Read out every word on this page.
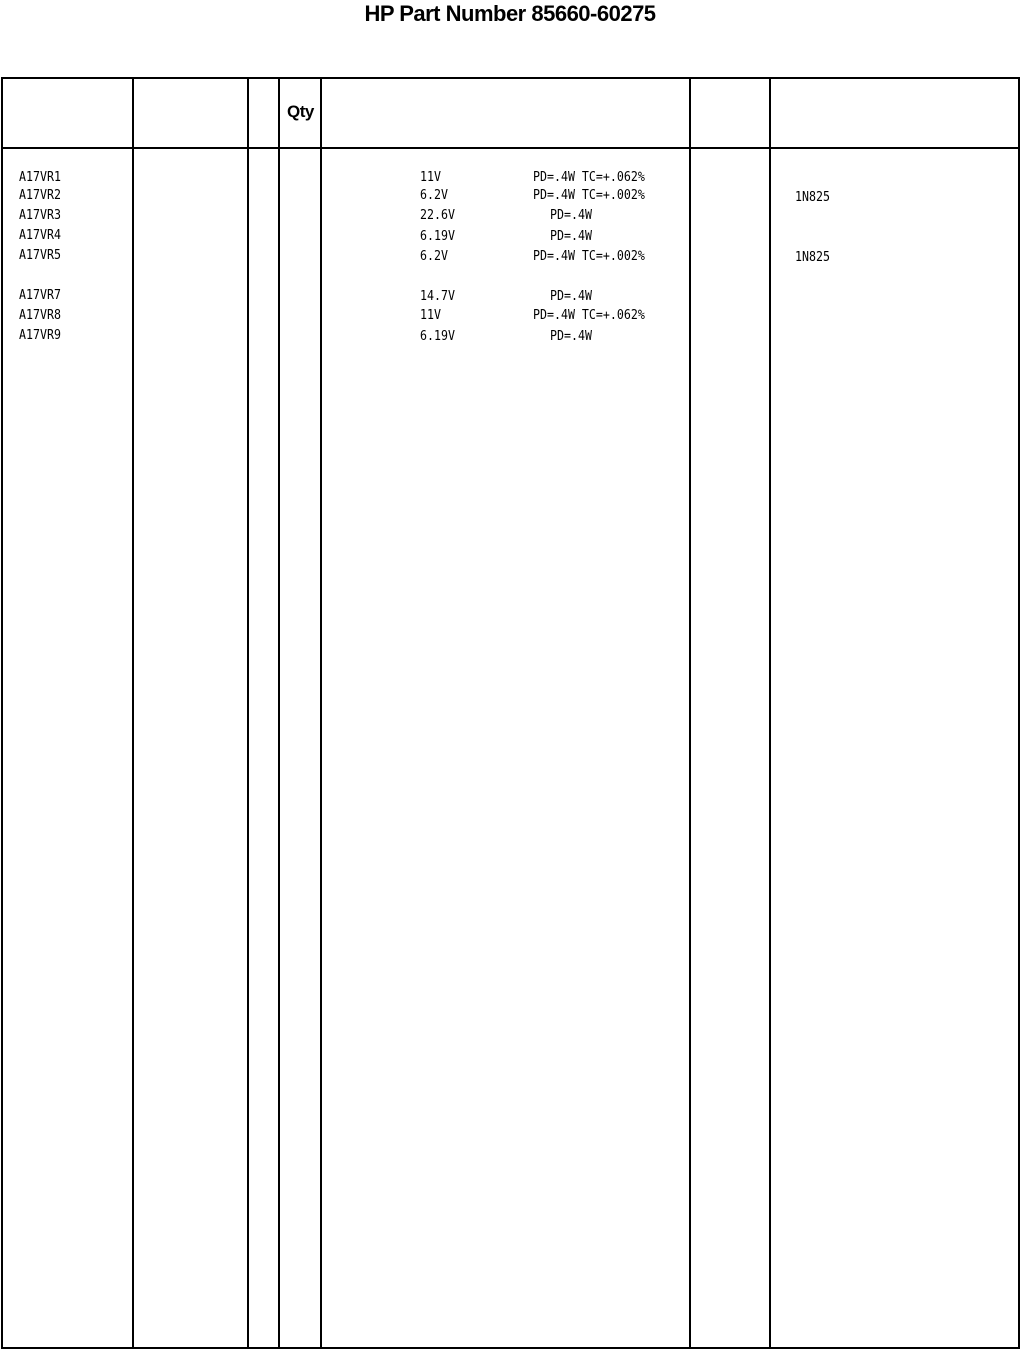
HP Part Number 85660-60275
Qty
A17VR1	11V	PD=.4W TC=+.062%
A17VR2	6.2V	PD=.4W TC=+.002%	1N825
A17VR3	22.6V	PD=.4W
A17VR4	6.19V	PD=.4W
A17VR5	6.2V	PD=.4W TC=+.002%	1N825
A17VR7	14.7V	PD=.4W
A17VR8	11V	PD=.4W TC=+.062%
A17VR9	6.19V	PD=.4W
